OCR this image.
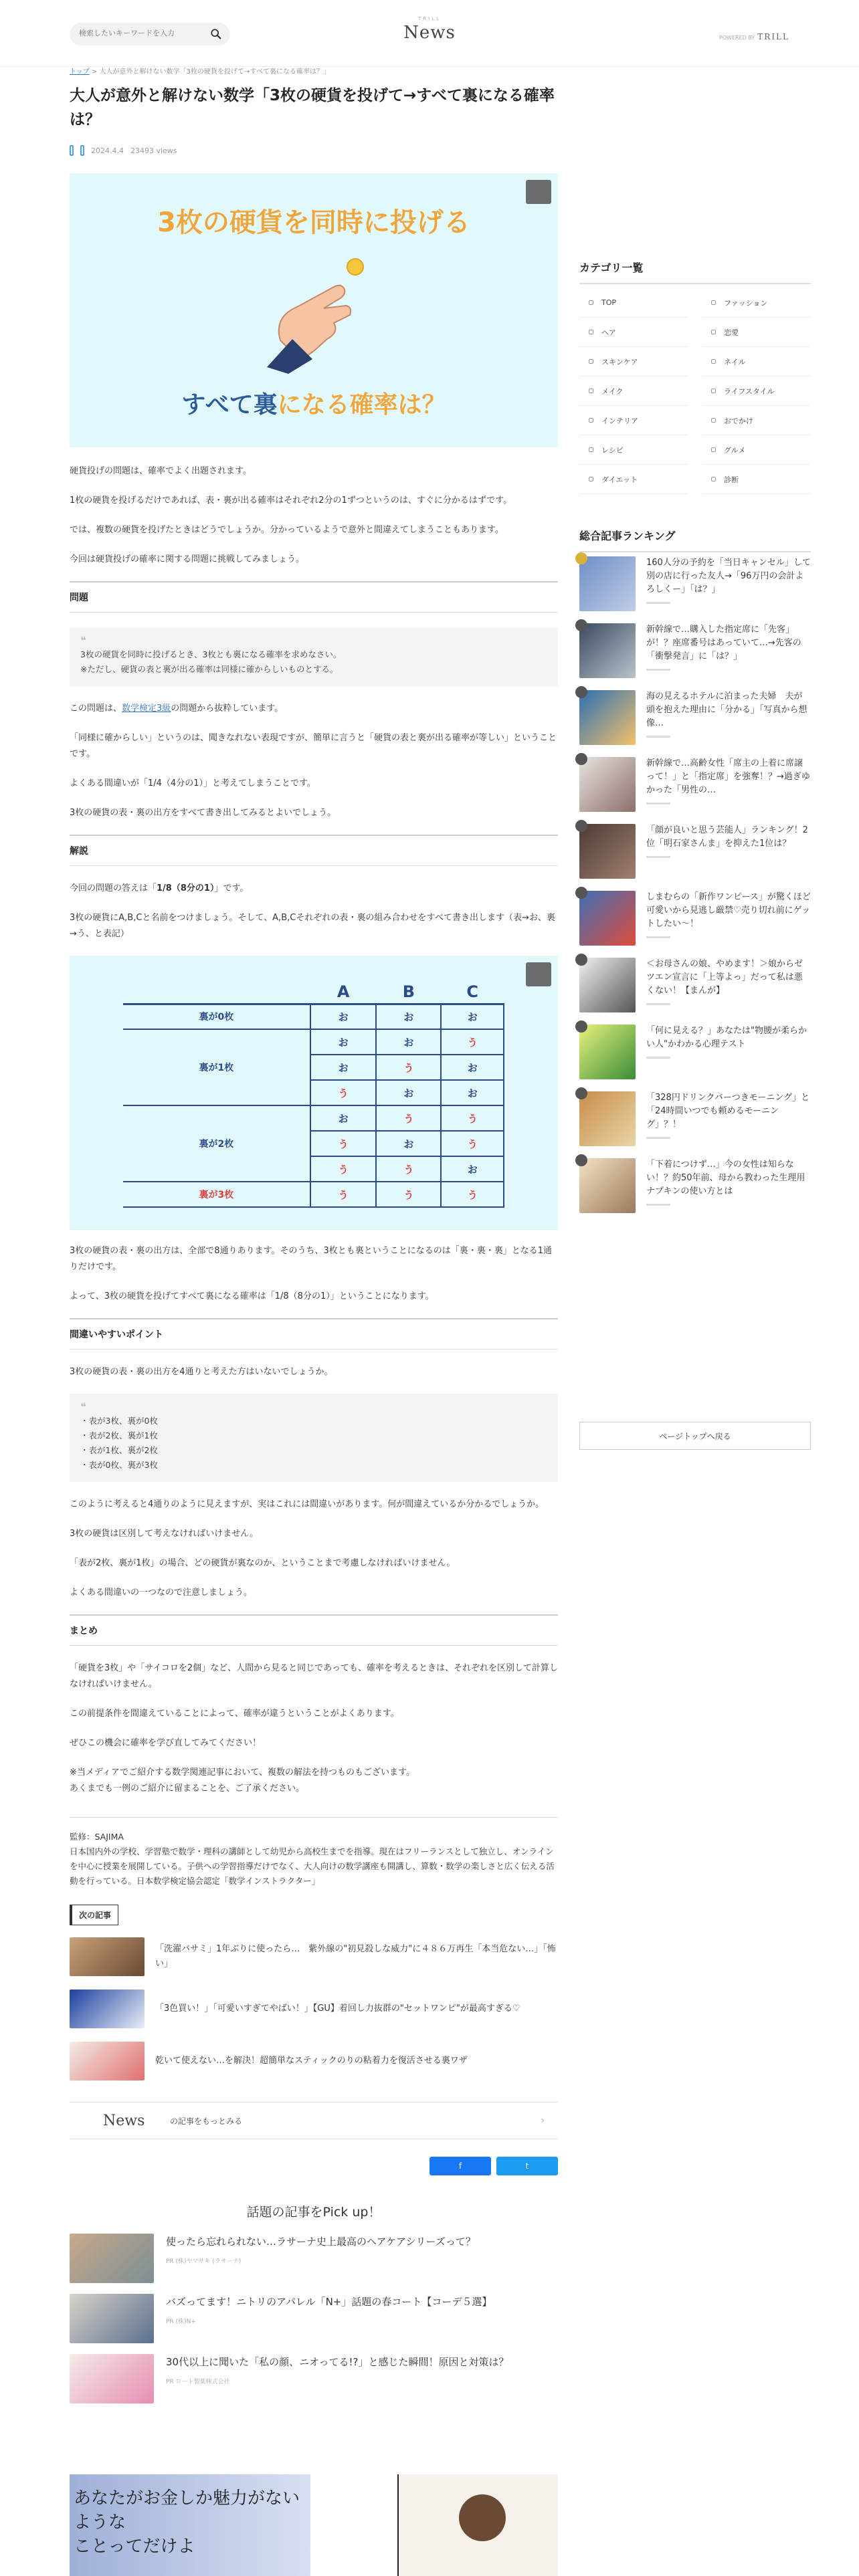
検索したいキーワードを入力
TRILL
News	POWERED BY TRILL
トップ > 大人が意外と解けない数学「3枚の硬貨を投げて→すべて裏になる確率は？」
大人が意外と解けない数学「3枚の硬貨を投げて→すべて裏になる確率は？
2024.4.4 23493 views
3枚の硬貨を同時に投げる
すべて裏になる確率は？

硬貨投げの問題は、確率でよく出題されます。

1枚の硬貨を投げるだけであれば、表・裏が出る確率はそれぞれ2分の1ずつというのは、すぐに分かるはずです。

では、複数の硬貨を投げたときはどうでしょうか。分かっているようで意外と間違えてしまうこともあります。

今回は硬貨投げの確率に関する問題に挑戦してみましょう。

問題
❝
3枚の硬貨を同時に投げるとき、3枚とも裏になる確率を求めなさい。
※ただし、硬貨の表と裏が出る確率は同様に確からしいものとする。

この問題は、数学検定3級の問題から抜粋しています。

「同様に確からしい」というのは、聞きなれない表現ですが、簡単に言うと「硬貨の表と裏が出る確率が等しい」ということです。

よくある間違いが「1/4（4分の1）」と考えてしまうことです。

3枚の硬貨の表・裏の出方をすべて書き出してみるとよいでしょう。

解説

今回の問題の答えは「1/8（8分の1）」です。

3枚の硬貨にA,B,Cと名前をつけましょう。そして、A,B,Cそれぞれの表・裏の組み合わせをすべて書き出します（表→お、裏→う、と表記）

	A	B	C
裏が0枚	お	お	お
裏が1枚	お	お	う
	お	う	お
	う	お	お
裏が2枚	お	う	う
	う	お	う
	う	う	お
裏が3枚	う	う	う

3枚の硬貨の表・裏の出方は、全部で8通りあります。そのうち、3枚とも裏ということになるのは「裏・裏・裏」となる1通りだけです。

よって、3枚の硬貨を投げてすべて裏になる確率は「1/8（8分の1）」ということになります。

間違いやすいポイント

3枚の硬貨の表・裏の出方を4通りと考えた方はいないでしょうか。

❝
・表が3枚、裏が0枚
・表が2枚、裏が1枚
・表が1枚、裏が2枚
・表が0枚、裏が3枚

このように考えると4通りのように見えますが、実はこれには間違いがあります。何が間違えているか分かるでしょうか。

3枚の硬貨は区別して考えなければいけません。

「表が2枚、裏が1枚」の場合、どの硬貨が裏なのか、ということまで考慮しなければいけません。

よくある間違いの一つなので注意しましょう。

まとめ

「硬貨を3枚」や「サイコロを2個」など、人間から見ると同じであっても、確率を考えるときは、それぞれを区別して計算しなければいけません。

この前提条件を間違えていることによって、確率が違うということがよくあります。

ぜひこの機会に確率を学び直してみてください！

※当メディアでご紹介する数学関連記事において、複数の解法を持つものもございます。
あくまでも一例のご紹介に留まることを、ご了承ください。

監修：SAJIMA
日本国内外の学校、学習塾で数学・理科の講師として幼児から高校生までを指導。現在はフリーランスとして独立し、オンラインを中心に授業を展開している。子供への学習指導だけでなく、大人向けの数学講座も開講し、算数・数学の楽しさと広く伝える活動を行っている。日本数学検定協会認定「数学インストラクター」
次の記事
「洗濯バサミ」1年ぶりに使ったら…　紫外線の"初見殺しな威力"に４８６万再生「本当危ない…」「怖い」
「3色買い！」「可愛いすぎてやばい！」【GU】着回し力抜群の"セットワンピ"が最高すぎる♡
乾いて使えない…を解決！超簡単なスティックのりの粘着力を復活させる裏ワザ
News	の記事をもっとみる	›
f	t
話題の記事をPick up！
使ったら忘れられない…ラサーナ史上最高のヘアケアシリーズって？
PR (株)ヤマサキ (ラサーナ)
バズってます！ニトリのアパレル「N+」話題の春コート【コーデ５選】
PR (株)N+
30代以上に聞いた「私の顔、ニオってる!?」と感じた瞬間！原因と対策は？
PR ロート製薬株式会社
あなたがお金しか魅力がないような
ことってだけよ
カテゴリ一覧
TOP	ファッション
ヘア	恋愛
スキンケア	ネイル
メイク	ライフスタイル
インテリア	おでかけ
レシピ	グルメ
ダイエット	診断
総合記事ランキング
160人分の予約を「当日キャンセル」して別の店に行った友人→「96万円の会計よろしくー」「は？」
新幹線で…購入した指定席に「先客」が！？座席番号はあっていて…→先客の「衝撃発言」に「は？」
海の見えるホテルに泊まった夫婦　夫が頭を抱えた理由に「分かる」「写真から想像…
新幹線で…高齢女性「席主の上着に席譲って！」と「指定席」を強奪！？→過ぎゆかった「男性の…
「顔が良いと思う芸能人」ランキング！2位「明石家さんま」を抑えた1位は？
しまむらの「新作ワンピース」が驚くほど可愛いから見逃し厳禁♡売り切れ前にゲットしたい〜！
＜お母さんの娘、やめます！＞娘からゼツエン宣言に「上等よっ」だって私は悪くない！【まんが】
「何に見える？」あなたは"物腰が柔らかい人"かわかる心理テスト
「328円ドリンクバーつきモーニング」と「24時間いつでも頼めるモーニング」？！
「下着につけず…」今の女性は知らない！？約50年前、母から教わった生理用ナプキンの使い方とは
ページトップへ戻る
